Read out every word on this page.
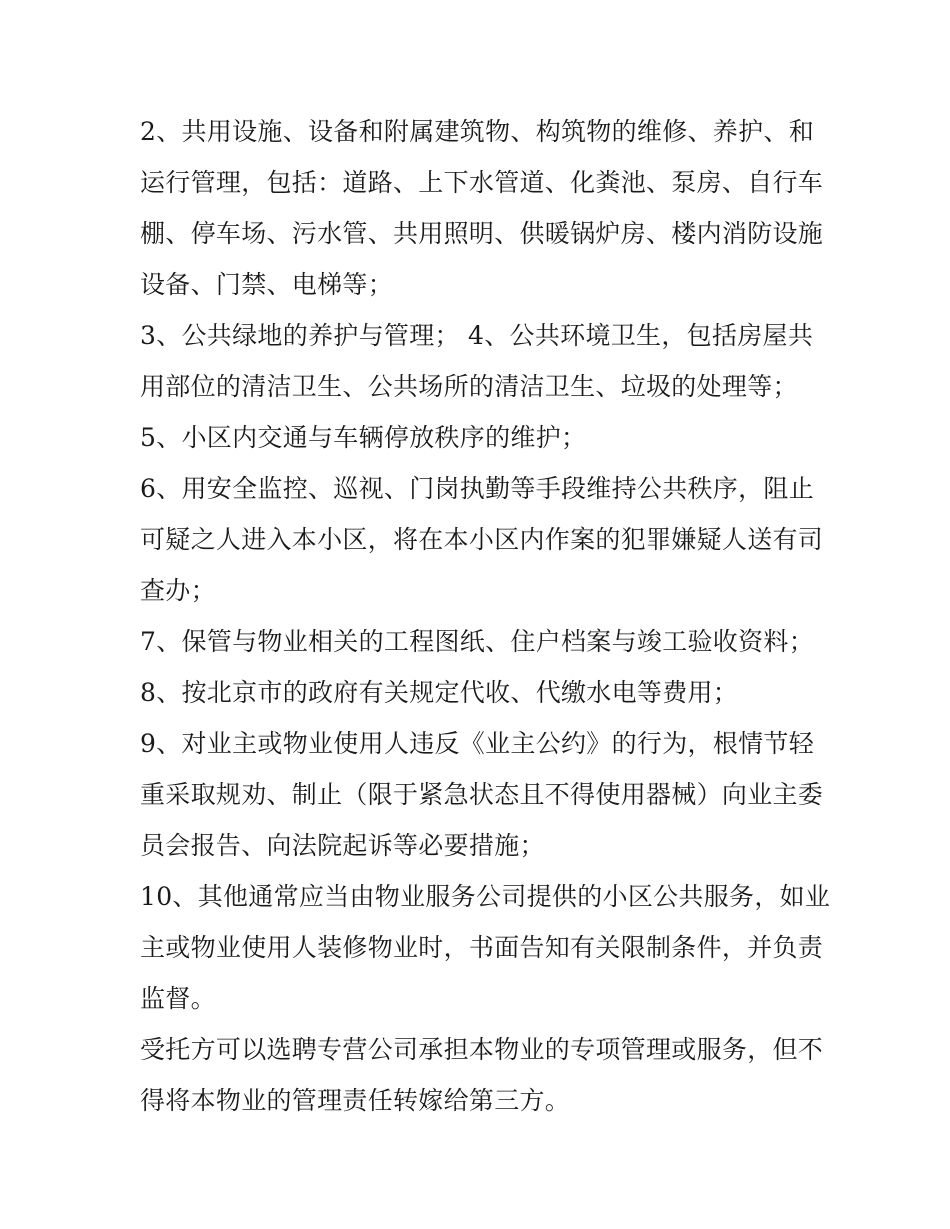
2、共用设施、设备和附属建筑物、构筑物的维修、养护、和
运行管理，包括：道路、上下水管道、化粪池、泵房、自行车
棚、停车场、污水管、共用照明、供暖锅炉房、楼内消防设施
设备、门禁、电梯等；
3、公共绿地的养护与管理； 4、公共环境卫生，包括房屋共
用部位的清洁卫生、公共场所的清洁卫生、垃圾的处理等；
5、小区内交通与车辆停放秩序的维护；
6、用安全监控、巡视、门岗执勤等手段维持公共秩序，阻止
可疑之人进入本小区，将在本小区内作案的犯罪嫌疑人送有司
查办；
7、保管与物业相关的工程图纸、住户档案与竣工验收资料；
8、按北京市的政府有关规定代收、代缴水电等费用；
9、对业主或物业使用人违反《业主公约》的行为，根情节轻
重采取规劝、制止（限于紧急状态且不得使用器械）向业主委
员会报告、向法院起诉等必要措施；
10、其他通常应当由物业服务公司提供的小区公共服务，如业
主或物业使用人装修物业时，书面告知有关限制条件，并负责
监督。
受托方可以选聘专营公司承担本物业的专项管理或服务，但不
得将本物业的管理责任转嫁给第三方。
